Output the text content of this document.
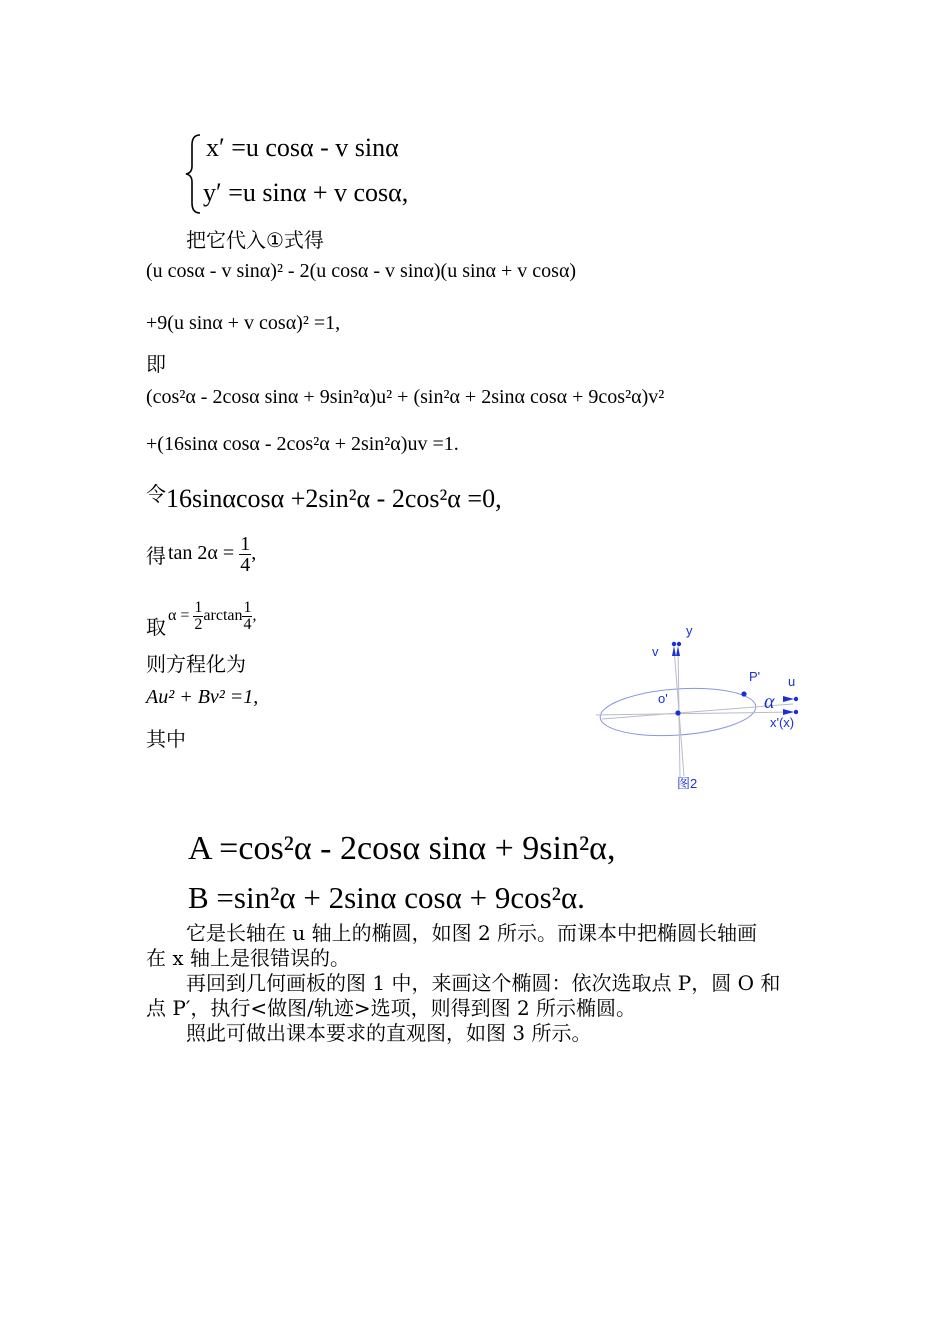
x′ =u cosα - v sinα
y′ =u sinα + v cosα,
把它代入①式得
(u cosα - v sinα)² - 2(u cosα - v sinα)(u sinα + v cosα)
+9(u sinα + v cosα)² =1,
即
(cos²α - 2cosα sinα + 9sin²α)u² + (sin²α + 2sinα cosα + 9cos²α)v²
+(16sinα cosα - 2cos²α + 2sin²α)uv =1.
令 16sinαcosα +2sin²α - 2cos²α =0,
得 $\tan 2\alpha = \frac{1}{4}$ ,
取 $\alpha = \frac{1}{2}$ $\arctan \frac{1}{4}$ ,
则方程化为
Au² + Bv² =1,
其中
v
y
P' u
o'	α
x'(x)
图2
A =cos²α - 2cosα sinα + 9sin²α,
B =sin²α + 2sinα cosα + 9cos²α.
它是长轴在 u 轴上的椭圆，如图 2 所示。而课本中把椭圆长轴画
在 x 轴上是很错误的。
再回到几何画板的图 1 中，来画这个椭圆：依次选取点 P，圆 O 和
点 P′，执行<做图/轨迹>选项，则得到图 2 所示椭圆。
照此可做出课本要求的直观图，如图 3 所示。
